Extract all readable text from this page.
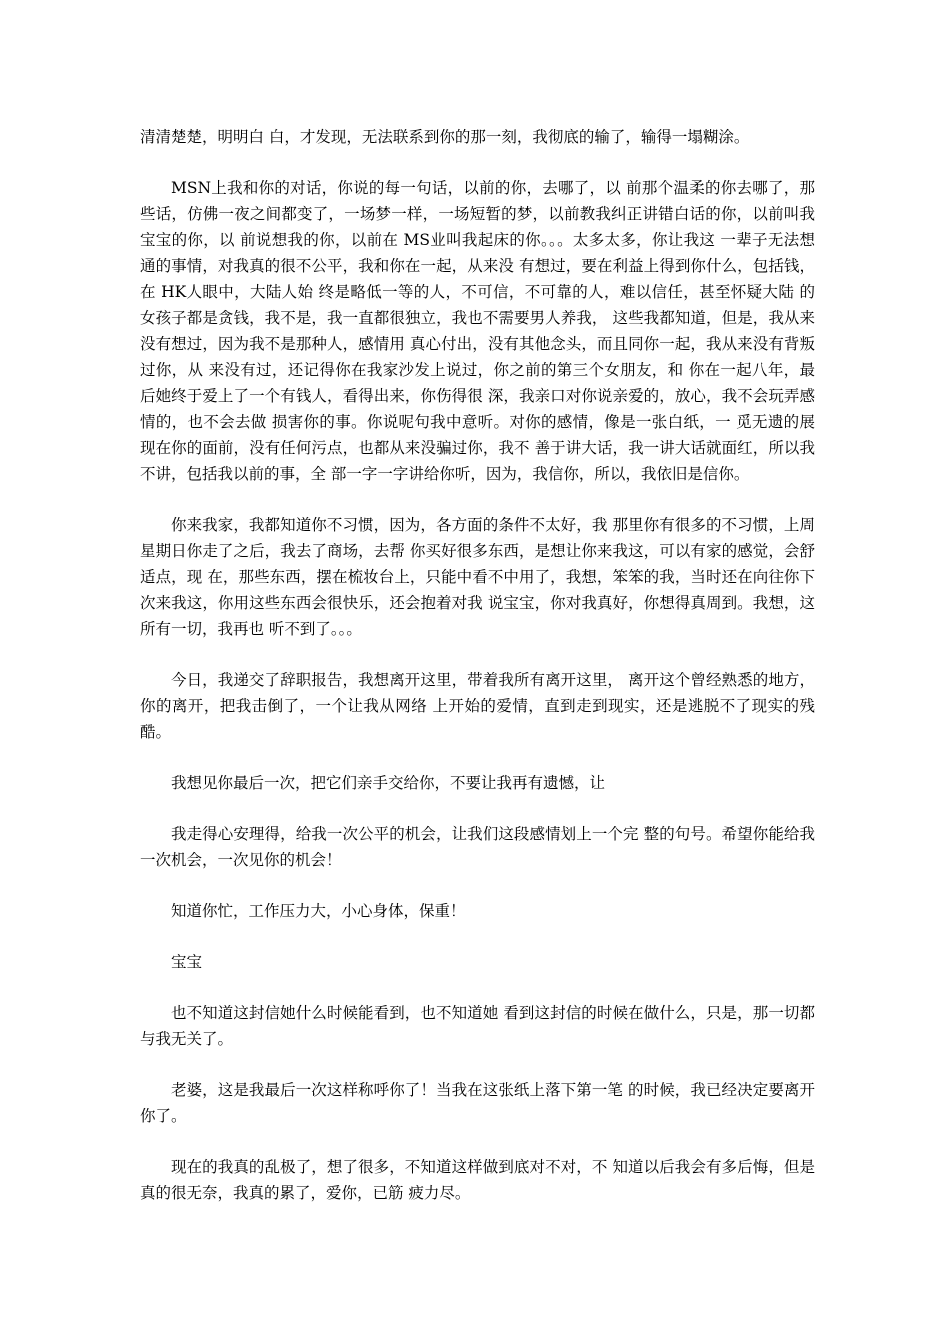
清清楚楚，明明白 白，才发现，无法联系到你的那一刻，我彻底的输了，输得一塌糊涂。

MSN上我和你的对话，你说的每一句话，以前的你，去哪了，以 前那个温柔的你去哪了，那些话，仿佛一夜之间都变了，一场梦一样，一场短暂的梦，以前教我纠正讲错白话的你，以前叫我宝宝的你，以 前说想我的你，以前在 MS业叫我起床的你。。。太多太多，你让我这 一辈子无法想通的事情，对我真的很不公平，我和你在一起，从来没 有想过，要在利益上得到你什么，包括钱，在 HK人眼中，大陆人始 终是略低一等的人，不可信，不可靠的人，难以信任，甚至怀疑大陆 的女孩子都是贪钱，我不是，我一直都很独立，我也不需要男人养我， 这些我都知道，但是，我从来没有想过，因为我不是那种人，感情用 真心付出，没有其他念头，而且同你一起，我从来没有背叛过你，从 来没有过，还记得你在我家沙发上说过，你之前的第三个女朋友，和 你在一起八年，最后她终于爱上了一个有钱人，看得出来，你伤得很 深，我亲口对你说亲爱的，放心，我不会玩弄感情的，也不会去做 损害你的事。你说呢句我中意听。对你的感情，像是一张白纸，一 觅无遗的展现在你的面前，没有任何污点，也都从来没骗过你，我不 善于讲大话，我一讲大话就面红，所以我不讲，包括我以前的事，全 部一字一字讲给你听，因为，我信你，所以，我依旧是信你。

你来我家，我都知道你不习惯，因为，各方面的条件不太好，我 那里你有很多的不习惯，上周星期日你走了之后，我去了商场，去帮 你买好很多东西，是想让你来我这，可以有家的感觉，会舒适点，现 在，那些东西，摆在梳妆台上，只能中看不中用了，我想，笨笨的我，当时还在向往你下次来我这，你用这些东西会很快乐，还会抱着对我 说宝宝，你对我真好，你想得真周到。我想，这所有一切，我再也 听不到了。。。

今日，我递交了辞职报告，我想离开这里，带着我所有离开这里， 离开这个曾经熟悉的地方，你的离开，把我击倒了，一个让我从网络 上开始的爱情，直到走到现实，还是逃脱不了现实的残酷。

我想见你最后一次，把它们亲手交给你，不要让我再有遗憾，让

我走得心安理得，给我一次公平的机会，让我们这段感情划上一个完 整的句号。希望你能给我一次机会，一次见你的机会！

知道你忙，工作压力大，小心身体，保重！

宝宝

也不知道这封信她什么时候能看到，也不知道她 看到这封信的时候在做什么，只是，那一切都与我无关了。

老婆，这是我最后一次这样称呼你了！当我在这张纸上落下第一笔 的时候，我已经决定要离开你了。

现在的我真的乱极了，想了很多，不知道这样做到底对不对，不 知道以后我会有多后悔，但是真的很无奈，我真的累了，爱你，已筋 疲力尽。
